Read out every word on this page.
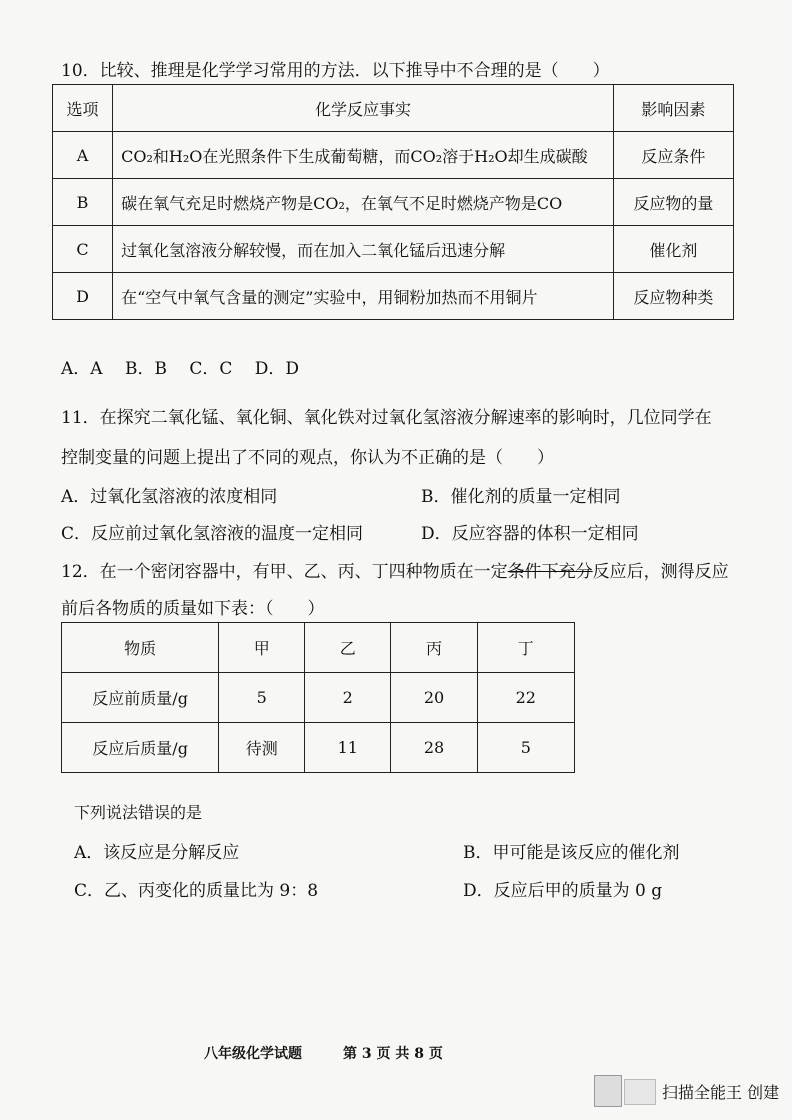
10．比较、推理是化学学习常用的方法．以下推导中不合理的是（　　）
选项	化学反应事实	影响因素
A	CO₂和H₂O在光照条件下生成葡萄糖，而CO₂溶于H₂O却生成碳酸	反应条件
B	碳在氧气充足时燃烧产物是CO₂，在氧气不足时燃烧产物是CO	反应物的量
C	过氧化氢溶液分解较慢，而在加入二氧化锰后迅速分解	催化剂
D	在“空气中氧气含量的测定”实验中，用铜粉加热而不用铜片	反应物种类
A．A　 B．B　 C．C　 D．D
11．在探究二氧化锰、氧化铜、氧化铁对过氧化氢溶液分解速率的影响时，几位同学在
控制变量的问题上提出了不同的观点，你认为不正确的是（　　）
A．过氧化氢溶液的浓度相同	B．催化剂的质量一定相同
C．反应前过氧化氢溶液的温度一定相同	D．反应容器的体积一定相同
12．在一个密闭容器中，有甲、乙、丙、丁四种物质在一定条件下充分反应后，测得反应
前后各物质的质量如下表：（　　）
物质	甲	乙	丙	丁
反应前质量/g	5	2	20	22
反应后质量/g	待测	11	28	5
下列说法错误的是
A．该反应是分解反应	B．甲可能是该反应的催化剂
C．乙、丙变化的质量比为 9：8	D．反应后甲的质量为 0 g
八年级化学试题	第 3 页 共 8 页
扫描全能王 创建
